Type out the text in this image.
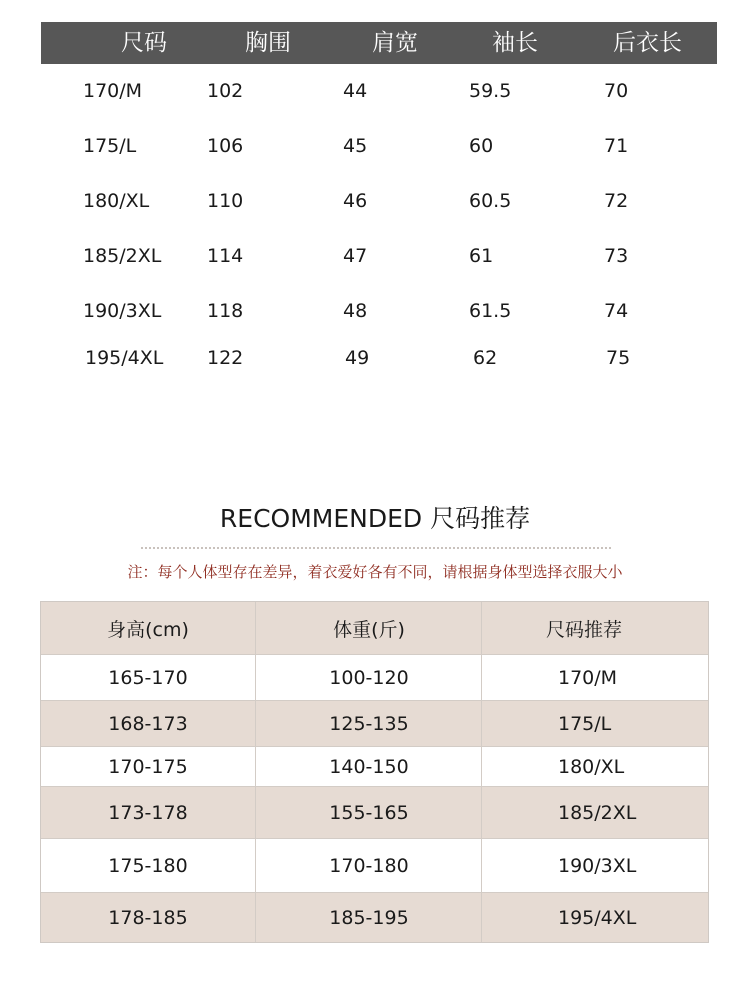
尺码	胸围	肩宽	袖长	后衣长
170/M	102	44	59.5	70
175/L	106	45	60	71
180/XL	110	46	60.5	72
185/2XL 114	47	61	73
190/3XL 118	48	61.5	74
195/4XL 122	49	62	75
RECOMMENDED 尺码推荐
注：每个人体型存在差异，着衣爱好各有不同，请根据身体型选择衣服大小
身高(cm)	体重(斤)	尺码推荐
165-170	100-120	170/M
168-173	125-135	175/L
170-175	140-150	180/XL
173-178	155-165	185/2XL
175-180	170-180	190/3XL
178-185	185-195	195/4XL
